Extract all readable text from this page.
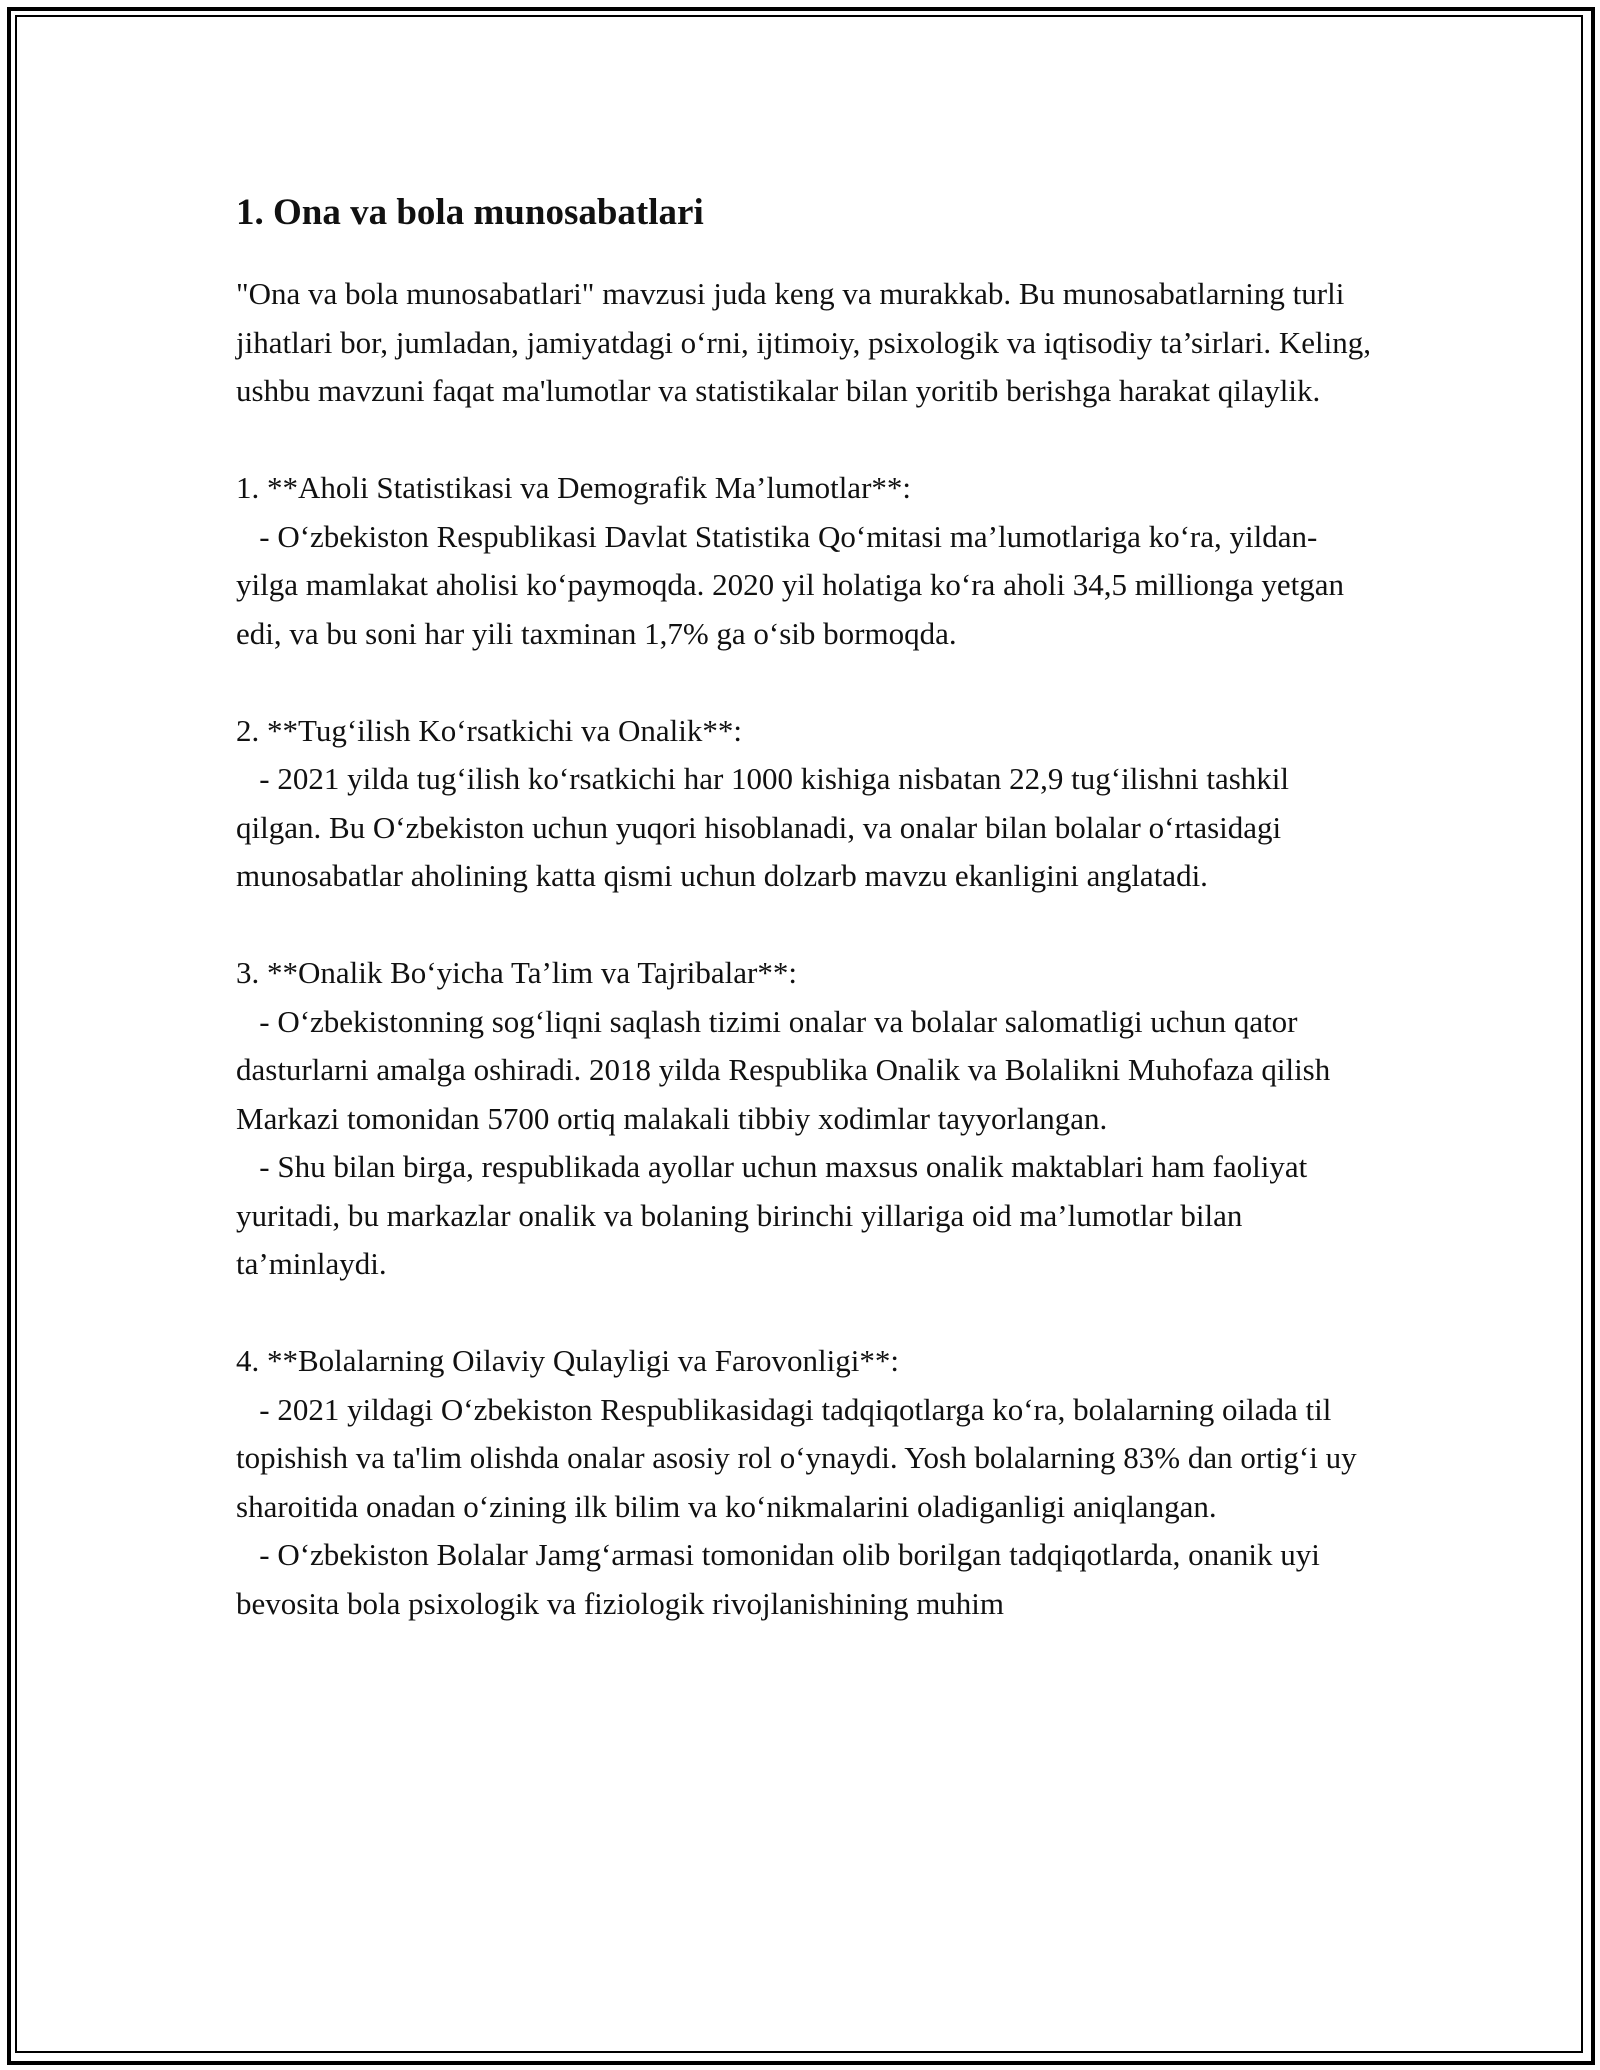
1. Ona va bola munosabatlari

"Ona va bola munosabatlari" mavzusi juda keng va murakkab. Bu munosabatlarning turli jihatlari bor, jumladan, jamiyatdagi o‘rni, ijtimoiy, psixologik va iqtisodiy ta’sirlari. Keling, ushbu mavzuni faqat ma'lumotlar va statistikalar bilan yoritib berishga harakat qilaylik.

1. **Aholi Statistikasi va Demografik Ma’lumotlar**:

- O‘zbekiston Respublikasi Davlat Statistika Qo‘mitasi ma’lumotlariga ko‘ra, yildan-yilga mamlakat aholisi ko‘paymoqda. 2020 yil holatiga ko‘ra aholi 34,5 millionga yetgan edi, va bu soni har yili taxminan 1,7% ga o‘sib bormoqda.

2. **Tug‘ilish Ko‘rsatkichi va Onalik**:

- 2021 yilda tug‘ilish ko‘rsatkichi har 1000 kishiga nisbatan 22,9 tug‘ilishni tashkil qilgan. Bu O‘zbekiston uchun yuqori hisoblanadi, va onalar bilan bolalar o‘rtasidagi munosabatlar aholining katta qismi uchun dolzarb mavzu ekanligini anglatadi.

3. **Onalik Bo‘yicha Ta’lim va Tajribalar**:

- O‘zbekistonning sog‘liqni saqlash tizimi onalar va bolalar salomatligi uchun qator dasturlarni amalga oshiradi. 2018 yilda Respublika Onalik va Bolalikni Muhofaza qilish Markazi tomonidan 5700 ortiq malakali tibbiy xodimlar tayyorlangan.

- Shu bilan birga, respublikada ayollar uchun maxsus onalik maktablari ham faoliyat yuritadi, bu markazlar onalik va bolaning birinchi yillariga oid ma’lumotlar bilan ta’minlaydi.

4. **Bolalarning Oilaviy Qulayligi va Farovonligi**:

- 2021 yildagi O‘zbekiston Respublikasidagi tadqiqotlarga ko‘ra, bolalarning oilada til topishish va ta'lim olishda onalar asosiy rol o‘ynaydi. Yosh bolalarning 83% dan ortig‘i uy sharoitida onadan o‘zining ilk bilim va ko‘nikmalarini oladiganligi aniqlangan.

- O‘zbekiston Bolalar Jamg‘armasi tomonidan olib borilgan tadqiqotlarda, onanik uyi bevosita bola psixologik va fiziologik rivojlanishining muhim
